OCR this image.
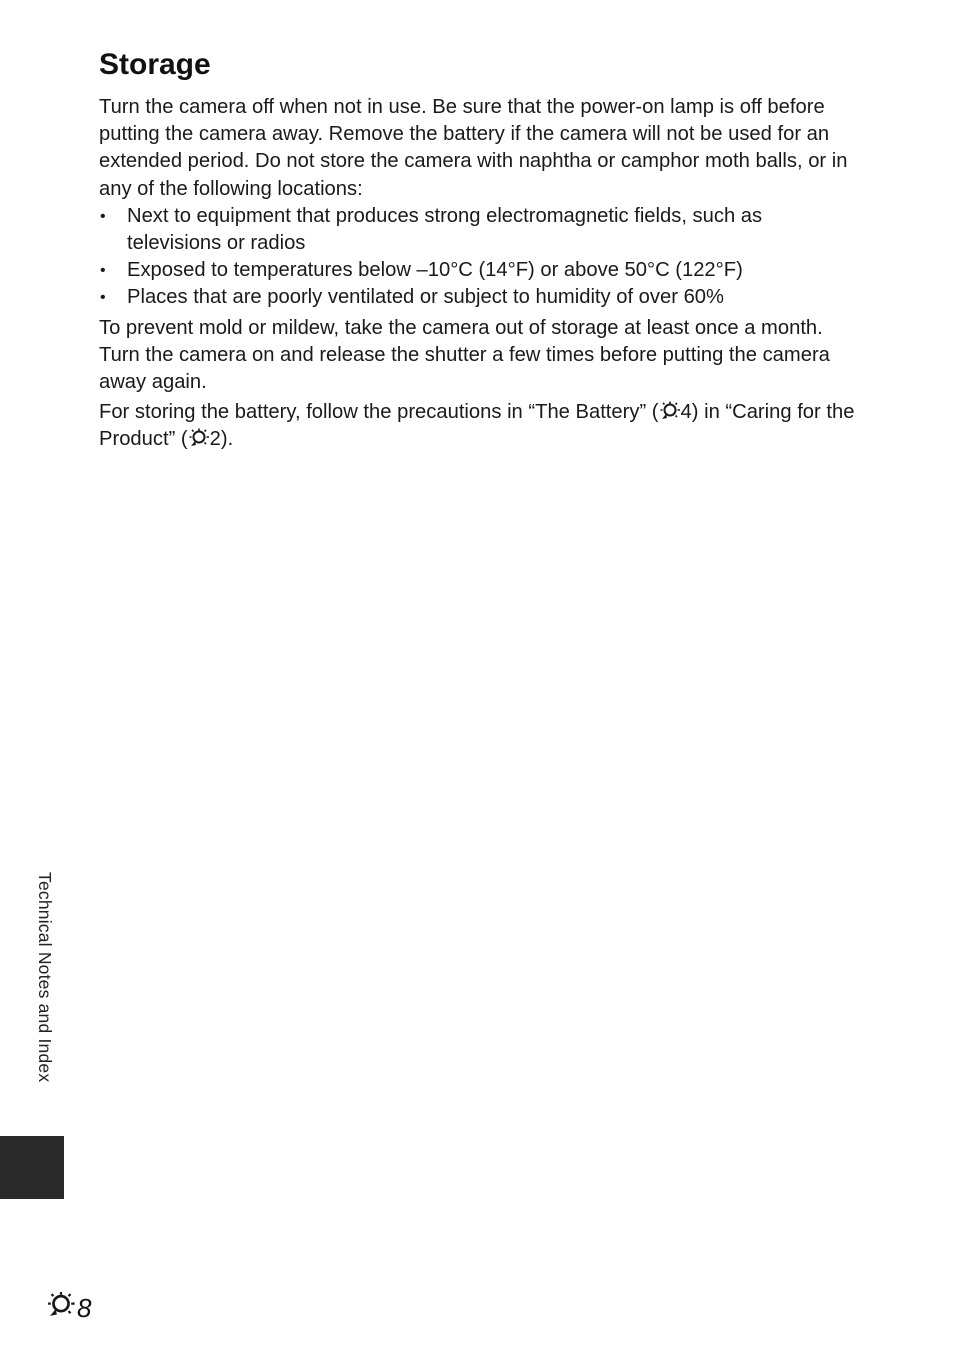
Storage

Turn the camera off when not in use. Be sure that the power-on lamp is off before putting the camera away. Remove the battery if the camera will not be used for an extended period. Do not store the camera with naphtha or camphor moth balls, or in any of the following locations:

• Next to equipment that produces strong electromagnetic fields, such as televisions or radios
• Exposed to temperatures below –10°C (14°F) or above 50°C (122°F)
• Places that are poorly ventilated or subject to humidity of over 60%

To prevent mold or mildew, take the camera out of storage at least once a month. Turn the camera on and release the shutter a few times before putting the camera away again.

For storing the battery, follow the precautions in “The Battery” ( 4) in “Caring for the Product” ( 2).

Technical Notes and Index
8
